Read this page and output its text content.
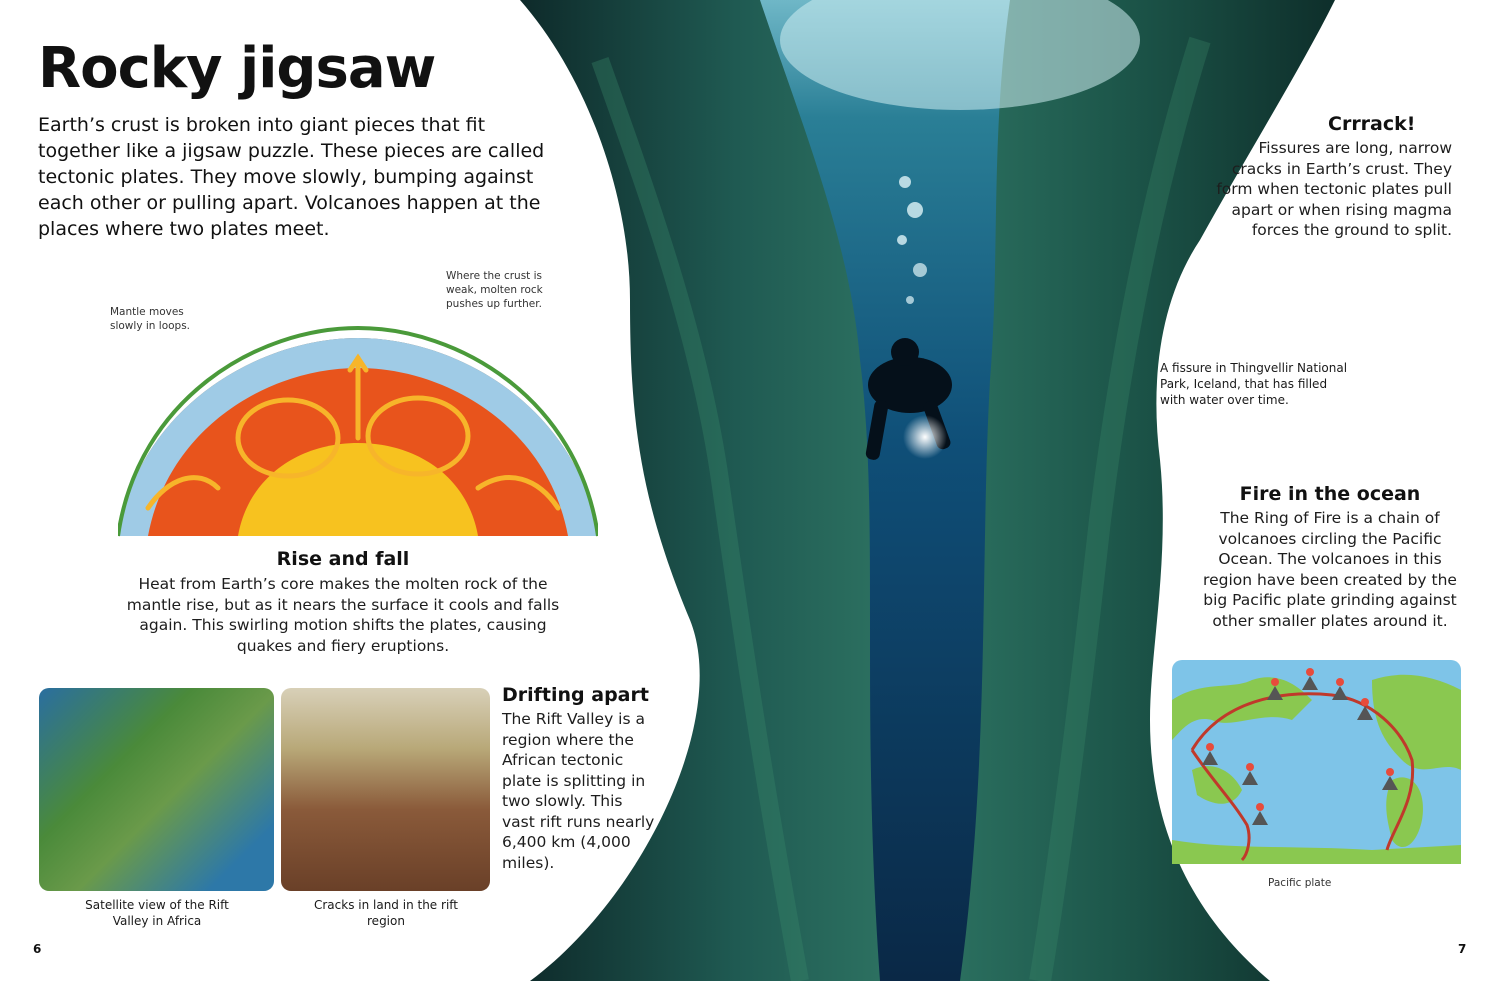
Rocky jigsaw
Earth’s crust is broken into giant pieces that fit together like a jigsaw puzzle. These pieces are called tectonic plates. They move slowly, bumping against each other or pulling apart. Volcanoes happen at the places where two plates meet.
Mantle moves slowly in loops.
Where the crust is weak, molten rock pushes up further.
Rise and fall
Heat from Earth’s core makes the molten rock of the mantle rise, but as it nears the surface it cools and falls again. This swirling motion shifts the plates, causing quakes and fiery eruptions.
Satellite view of the Rift Valley in Africa
Cracks in land in the rift region
Drifting apart
The Rift Valley is a region where the African tectonic plate is splitting in two slowly. This vast rift runs nearly 6,400 km (4,000 miles).
Crrrack!
Fissures are long, narrow cracks in Earth’s crust. They form when tectonic plates pull apart or when rising magma forces the ground to split.
A fissure in Thingvellir National Park, Iceland, that has filled with water over time.
Fire in the ocean
The Ring of Fire is a chain of volcanoes circling the Pacific Ocean. The volcanoes in this region have been created by the big Pacific plate grinding against other smaller plates around it.
Pacific plate
6	7
